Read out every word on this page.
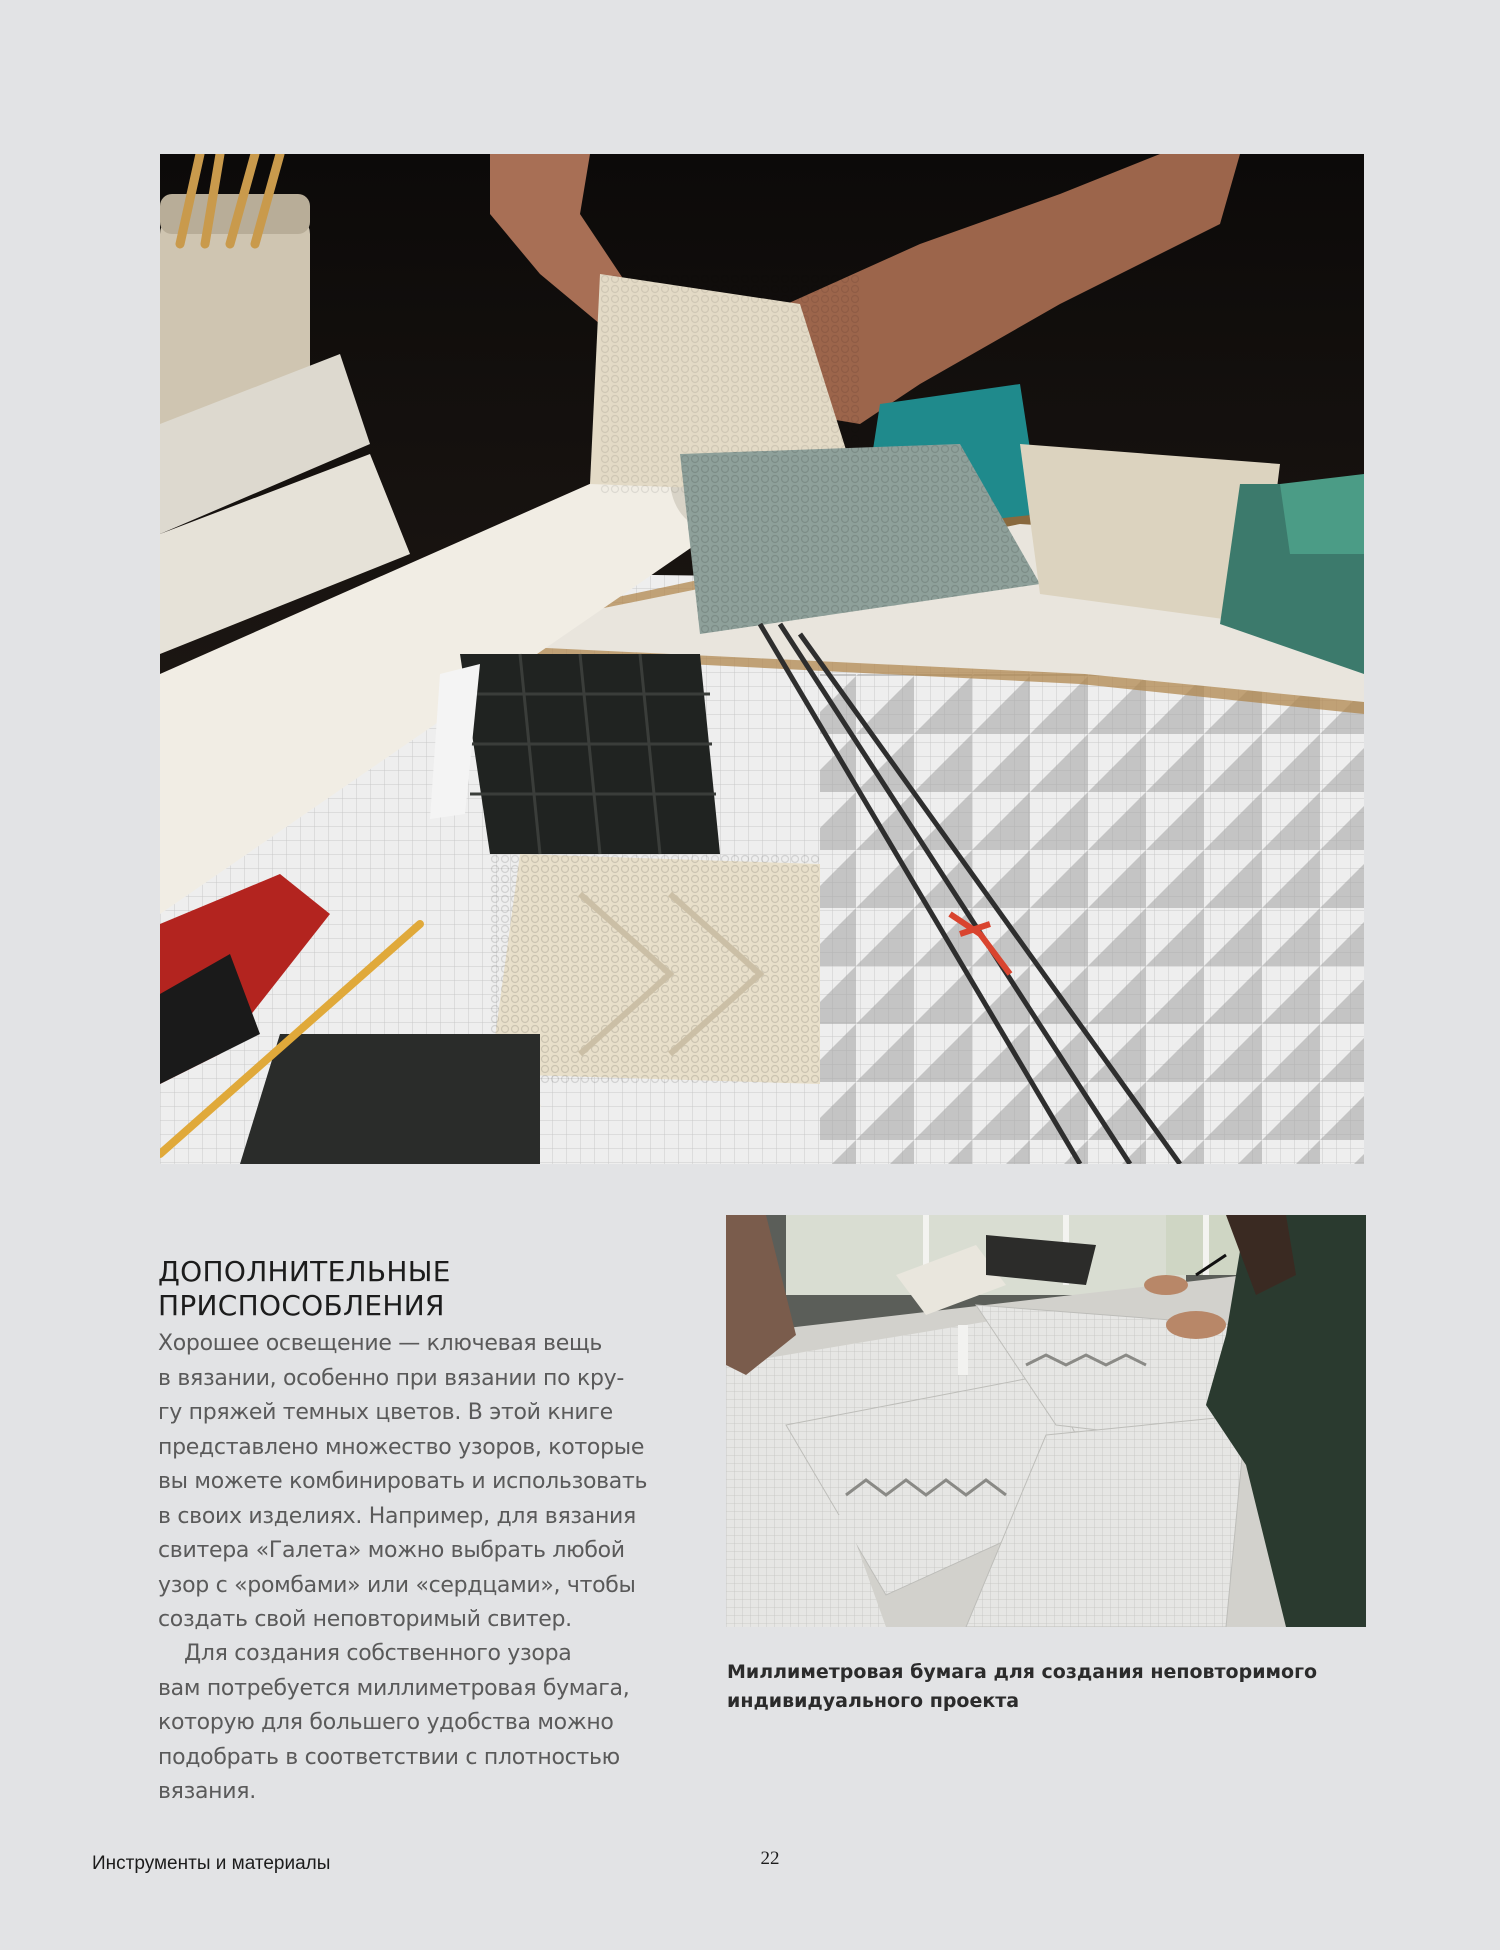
ДОПОЛНИТЕЛЬНЫЕ
ПРИСПОСОБЛЕНИЯ

Хорошее освещение — ключевая вещь
в вязании, особенно при вязании по кру-
гу пряжей темных цветов. В этой книге
представлено множество узоров, которые
вы можете комбинировать и использовать
в своих изделиях. Например, для вязания
свитера «Галета» можно выбрать любой
узор с «ромбами» или «сердцами», чтобы
создать свой неповторимый свитер.

Для создания собственного узора
вам потребуется миллиметровая бумага,
которую для большего удобства можно
подобрать в соответствии с плотностью
вязания.

Миллиметровая бумага для создания неповторимого
индивидуального проекта

Инструменты и материалы	22
